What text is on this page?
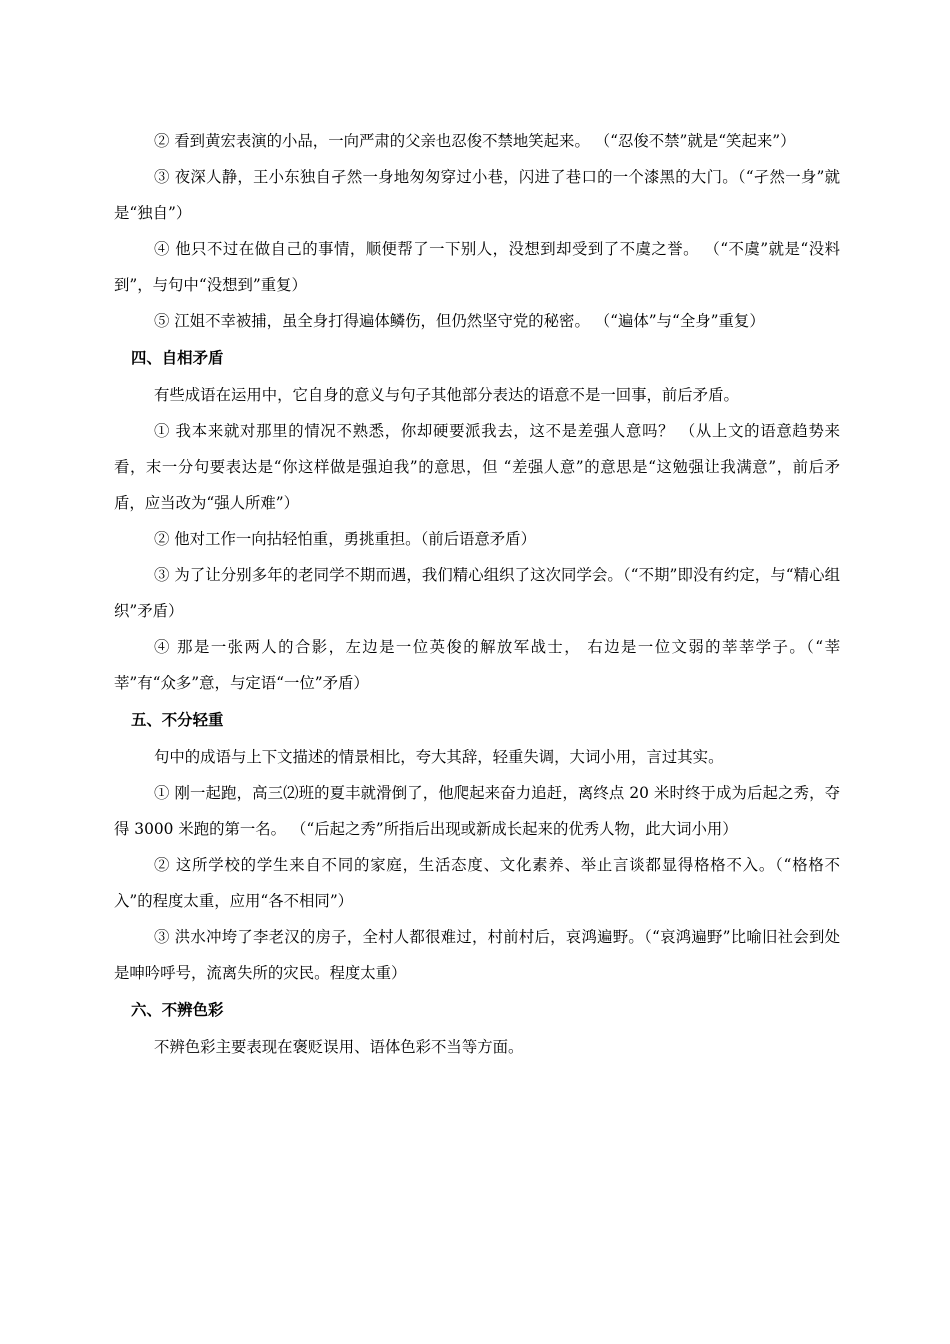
② 看到黄宏表演的小品，一向严肃的父亲也忍俊不禁地笑起来。 （“忍俊不禁”就是“笑起来”）

③ 夜深人静，王小东独自孑然一身地匆匆穿过小巷，闪进了巷口的一个漆黑的大门。（“孑然一身”就是“独自”）

④ 他只不过在做自己的事情，顺便帮了一下别人，没想到却受到了不虞之誉。 （“不虞”就是“没料到”，与句中“没想到”重复）

⑤ 江姐不幸被捕，虽全身打得遍体鳞伤，但仍然坚守党的秘密。 （“遍体”与“全身”重复）

四、自相矛盾

有些成语在运用中，它自身的意义与句子其他部分表达的语意不是一回事，前后矛盾。

① 我本来就对那里的情况不熟悉，你却硬要派我去，这不是差强人意吗？ （从上文的语意趋势来看，末一分句要表达是“你这样做是强迫我”的意思，但 “差强人意”的意思是“这勉强让我满意”，前后矛盾，应当改为“强人所难”）

② 他对工作一向拈轻怕重，勇挑重担。（前后语意矛盾）

③ 为了让分别多年的老同学不期而遇，我们精心组织了这次同学会。（“不期”即没有约定，与“精心组织”矛盾）

④ 那是一张两人的合影，左边是一位英俊的解放军战士， 右边是一位文弱的莘莘学子。（“莘莘”有“众多”意，与定语“一位”矛盾）

五、不分轻重

句中的成语与上下文描述的情景相比，夸大其辞，轻重失调，大词小用，言过其实。

① 刚一起跑，高三⑵班的夏丰就滑倒了，他爬起来奋力追赶，离终点 20 米时终于成为后起之秀，夺得 3000 米跑的第一名。 （“后起之秀”所指后出现或新成长起来的优秀人物，此大词小用）

② 这所学校的学生来自不同的家庭，生活态度、文化素养、举止言谈都显得格格不入。（“格格不入”的程度太重，应用“各不相同”）

③ 洪水冲垮了李老汉的房子，全村人都很难过，村前村后，哀鸿遍野。（“哀鸿遍野”比喻旧社会到处是呻吟呼号，流离失所的灾民。程度太重）

六、不辨色彩

不辨色彩主要表现在褒贬误用、语体色彩不当等方面。
